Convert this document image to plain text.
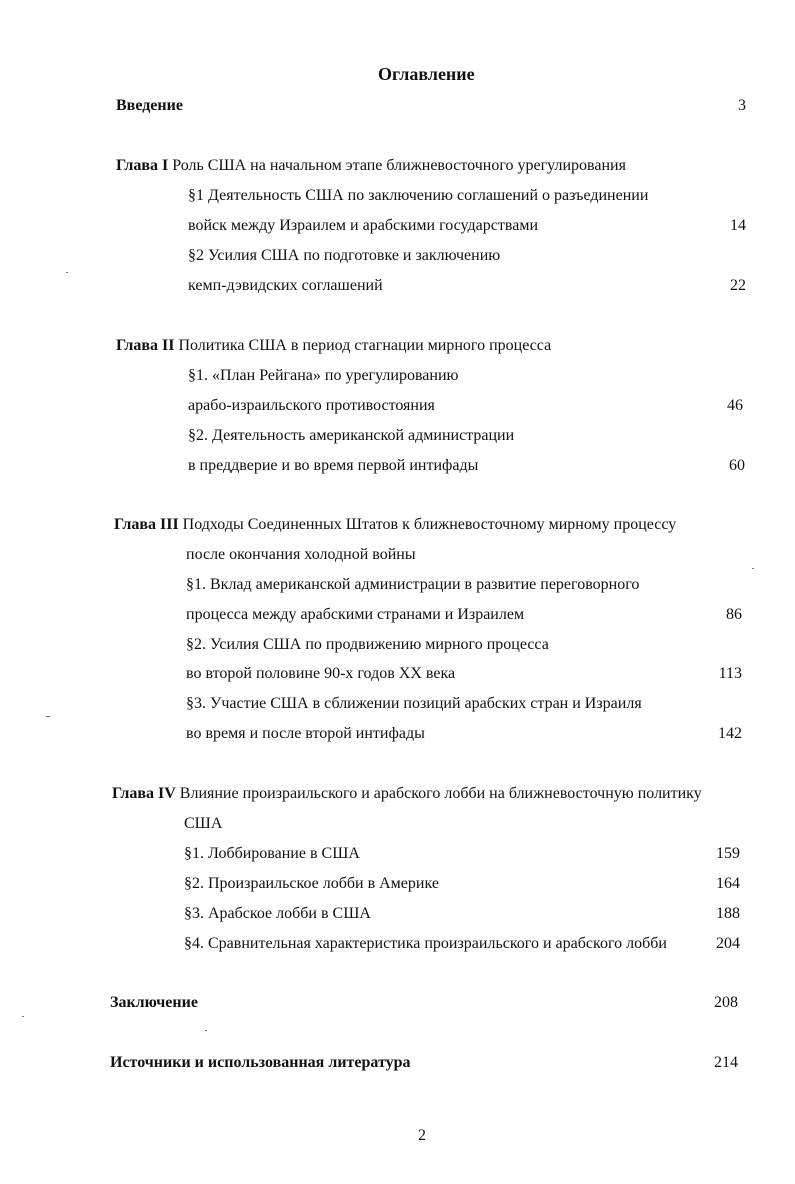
Оглавление
Введение	3
Глава I Роль США на начальном этапе ближневосточного урегулирования
§1 Деятельность США по заключению соглашений о разъединении
войск между Израилем и арабскими государствами	14
§2 Усилия США по подготовке и заключению
кемп-дэвидских соглашений	22
Глава II Политика США в период стагнации мирного процесса
§1. «План Рейгана» по урегулированию
арабо-израильского противостояния	46
§2. Деятельность американской администрации
в преддверие и во время первой интифады	60
Глава III Подходы Соединенных Штатов к ближневосточному мирному процессу
после окончания холодной войны
§1. Вклад американской администрации в развитие переговорного
процесса между арабскими странами и Израилем	86
§2. Усилия США по продвижению мирного процесса
во второй половине 90-х годов XX века	113
§3. Участие США в сближении позиций арабских стран и Израиля
во время и после второй интифады	142
Глава IV Влияние произраильского и арабского лобби на ближневосточную политику
США
§1. Лоббирование в США	159
§2. Произраильское лобби в Америке	164
§3. Арабское лобби в США	188
§4. Сравнительная характеристика произраильского и арабского лобби	204
Заключение	208
Источники и использованная литература	214
2
